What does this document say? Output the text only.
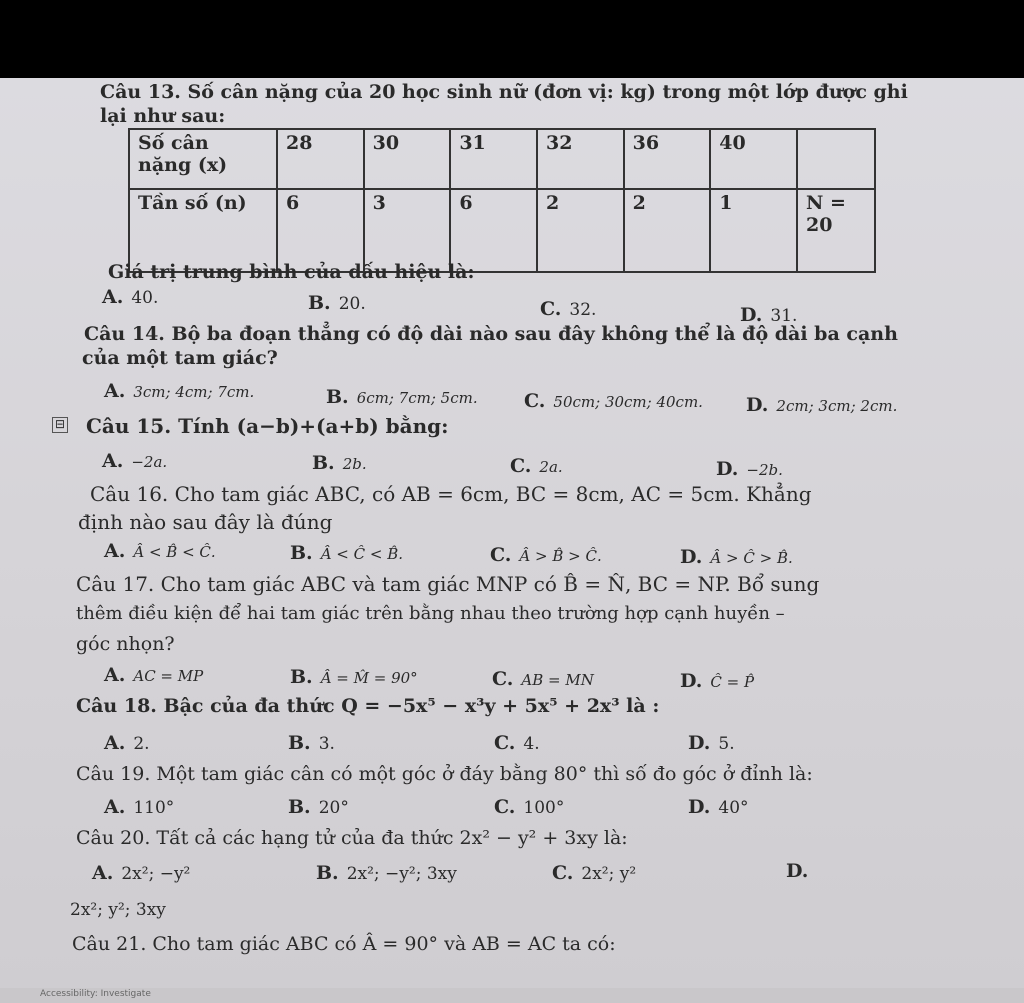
Câu 13. Số cân nặng của 20 học sinh nữ (đơn vị: kg) trong một lớp được ghi
lại như sau:
Số cân nặng (x)	28	30	31	32	36	40	
Tần số (n)	6	3	6	2	2	1	N = 20
Giá trị trung bình của dấu hiệu là:
A. 40.	B. 20.	C. 32.	D. 31.
Câu 14. Bộ ba đoạn thẳng có độ dài nào sau đây không thể là độ dài ba cạnh
của một tam giác?
A. 3cm; 4cm; 7cm.	B. 6cm; 7cm; 5cm. C. 50cm; 30cm; 40cm. D. 2cm; 3cm; 2cm.
⊟ Câu 15. Tính (a−b)+(a+b) bằng:
A. −2a.	B. 2b.	C. 2a.	D. −2b.
Câu 16. Cho tam giác ABC, có AB = 6cm, BC = 8cm, AC = 5cm. Khẳng
định nào sau đây là đúng
A. Â < B̂ < Ĉ.	B. Â < Ĉ < B̂.	C. Â > B̂ > Ĉ.	D. Â > Ĉ > B̂.
Câu 17. Cho tam giác ABC và tam giác MNP có B̂ = N̂, BC = NP. Bổ sung
thêm điều kiện để hai tam giác trên bằng nhau theo trường hợp cạnh huyền –
góc nhọn?
A. AC = MP	B. Â = M̂ = 90°	C. AB = MN	D. Ĉ = P̂
Câu 18. Bậc của đa thức Q = −5x⁵ − x³y + 5x⁵ + 2x³ là :
A. 2.	B. 3.	C. 4.	D. 5.
Câu 19. Một tam giác cân có một góc ở đáy bằng 80° thì số đo góc ở đỉnh là:
A. 110°	B. 20°	C. 100°	D. 40°
Câu 20. Tất cả các hạng tử của đa thức 2x² − y² + 3xy là:
A. 2x²; −y²	B. 2x²; −y²; 3xy	C. 2x²; y²	D.
2x²; y²; 3xy
Câu 21. Cho tam giác ABC có Â = 90° và AB = AC ta có:
Accessibility: Investigate
